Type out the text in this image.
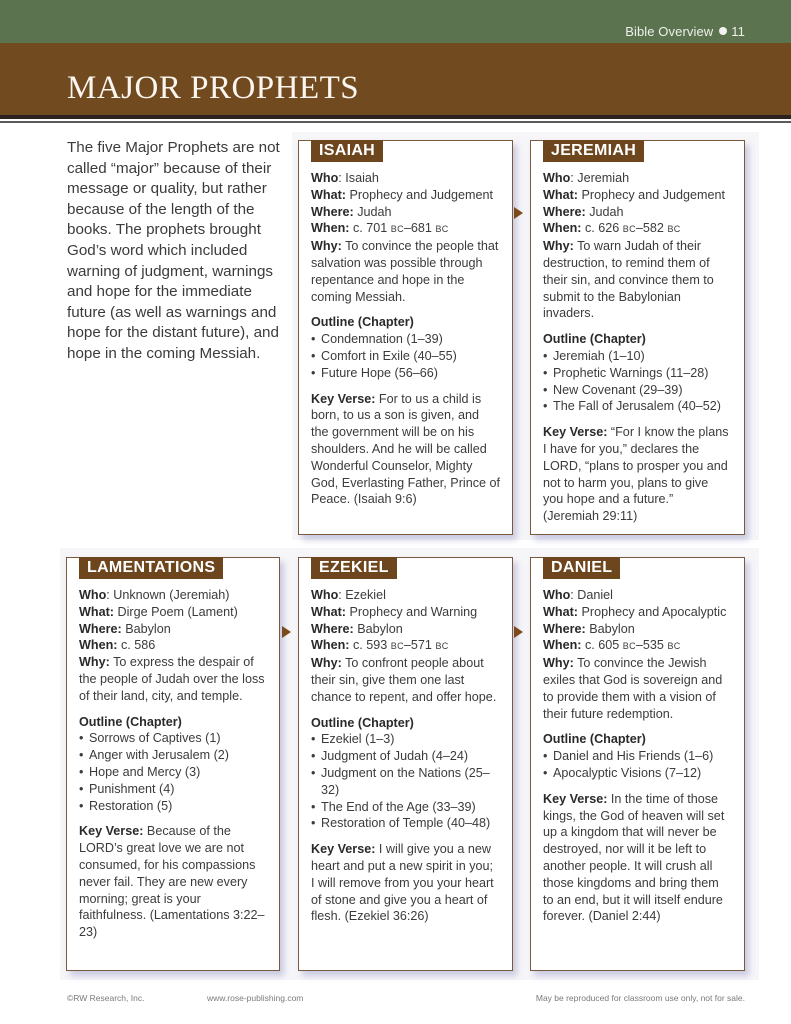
Bible Overview 11
MAJOR PROPHETS

The five Major Prophets are not called “major” because of their message or quality, but rather because of the length of the books. The prophets brought God’s word which included warning of judgment, warnings and hope for the immediate future (as well as warnings and hope for the distant future), and hope in the coming Messiah.

ISAIAH
Who: Isaiah
What: Prophecy and Judgement
Where: Judah
When: c. 701 BC–681 BC
Why: To convince the people that salvation was possible through repentance and hope in the coming Messiah.
Outline (Chapter)
• Condemnation (1–39)
• Comfort in Exile (40–55)
• Future Hope (56–66)
Key Verse: For to us a child is born, to us a son is given, and the government will be on his shoulders. And he will be called Wonderful Counselor, Mighty God, Everlasting Father, Prince of Peace. (Isaiah 9:6)
JEREMIAH
Who: Jeremiah
What: Prophecy and Judgement
Where: Judah
When: c. 626 BC–582 BC
Why: To warn Judah of their destruction, to remind them of their sin, and convince them to submit to the Babylonian invaders.
Outline (Chapter)
• Jeremiah (1–10)
• Prophetic Warnings (11–28)
• New Covenant (29–39)
• The Fall of Jerusalem (40–52)
Key Verse: “For I know the plans I have for you,” declares the LORD, “plans to prosper you and not to harm you, plans to give you hope and a future.” (Jeremiah 29:11)
LAMENTATIONS
Who: Unknown (Jeremiah)
What: Dirge Poem (Lament)
Where: Babylon
When: c. 586
Why: To express the despair of the people of Judah over the loss of their land, city, and temple.
Outline (Chapter)
• Sorrows of Captives (1)
• Anger with Jerusalem (2)
• Hope and Mercy (3)
• Punishment (4)
• Restoration (5)
Key Verse: Because of the LORD’s great love we are not consumed, for his compassions never fail. They are new every morning; great is your faithfulness. (Lamentations 3:22–23)
EZEKIEL
Who: Ezekiel
What: Prophecy and Warning
Where: Babylon
When: c. 593 BC–571 BC
Why: To confront people about their sin, give them one last chance to repent, and offer hope.
Outline (Chapter)
• Ezekiel (1–3)
• Judgment of Judah (4–24)
• Judgment on the Nations (25–32)
• The End of the Age (33–39)
• Restoration of Temple (40–48)
Key Verse: I will give you a new heart and put a new spirit in you; I will remove from you your heart of stone and give you a heart of flesh. (Ezekiel 36:26)
DANIEL
Who: Daniel
What: Prophecy and Apocalyptic
Where: Babylon
When: c. 605 BC–535 BC
Why: To convince the Jewish exiles that God is sovereign and to provide them with a vision of their future redemption.
Outline (Chapter)
• Daniel and His Friends (1–6)
• Apocalyptic Visions (7–12)
Key Verse: In the time of those kings, the God of heaven will set up a kingdom that will never be destroyed, nor will it be left to another people. It will crush all those kingdoms and bring them to an end, but it will itself endure forever. (Daniel 2:44)
©RW Research, Inc.	www.rose-publishing.com	May be reproduced for classroom use only, not for sale.
